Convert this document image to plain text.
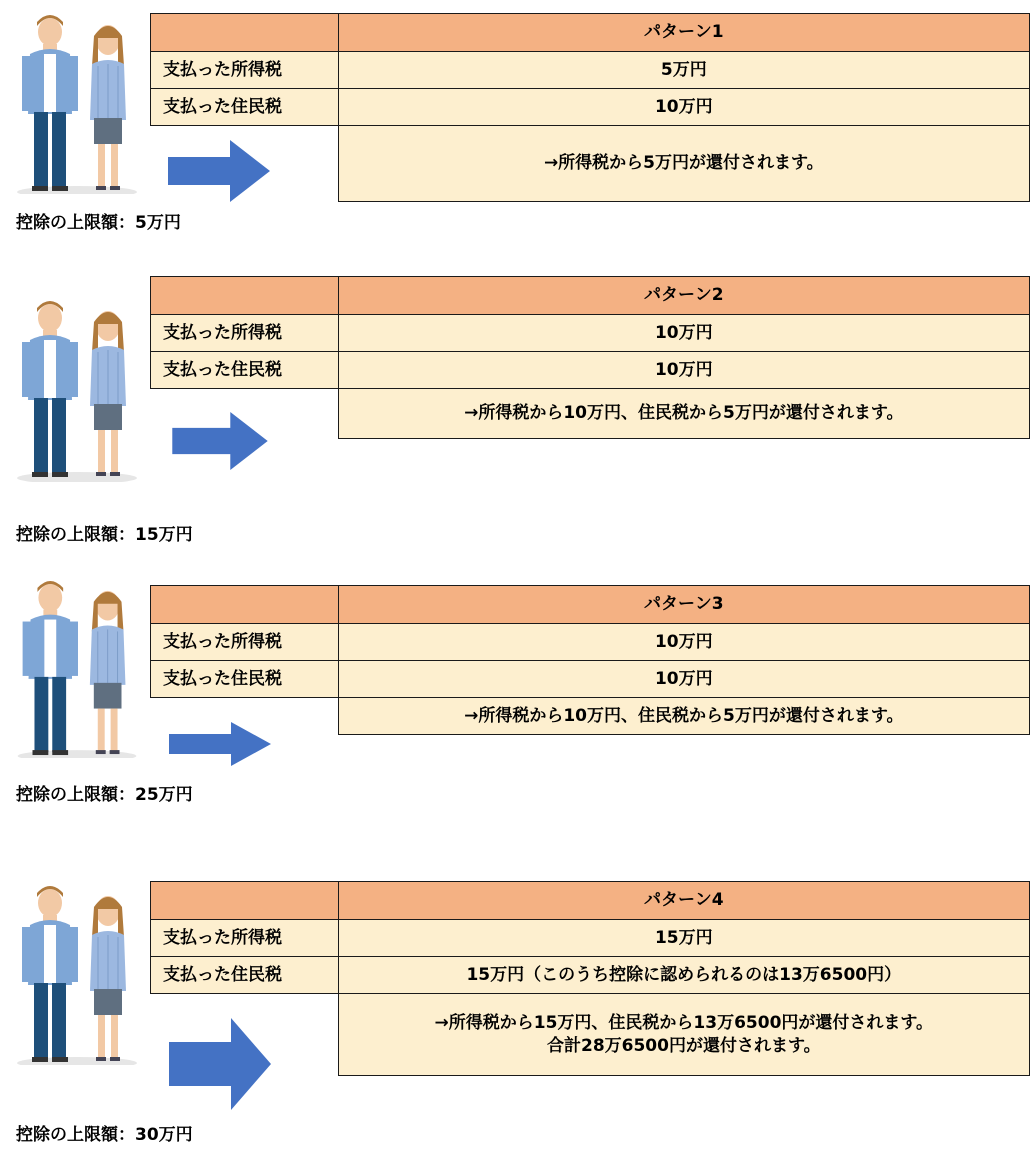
	パターン1
支払った所得税	5万円
支払った住民税	10万円

	→所得税から5万円が還付されます。
控除の上限額：5万円
	パターン2
支払った所得税	10万円
支払った住民税	10万円

	→所得税から10万円、住民税から5万円が還付されます。
控除の上限額：15万円
	パターン3
支払った所得税	10万円
支払った住民税	10万円

	→所得税から10万円、住民税から5万円が還付されます。
控除の上限額：25万円
	パターン4
支払った所得税	15万円
支払った住民税	15万円（このうち控除に認められるのは13万6500円）

	→所得税から15万円、住民税から13万6500円が還付されます。
合計28万6500円が還付されます。
控除の上限額：30万円
